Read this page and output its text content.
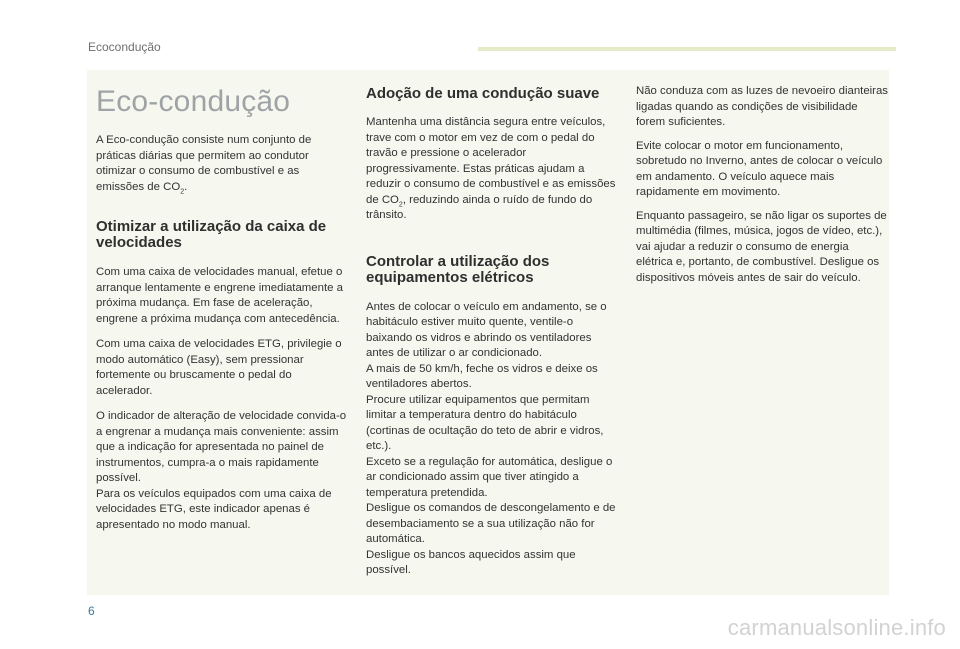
Ecocondução
Eco-condução

A Eco-condução consiste num conjunto de práticas diárias que permitem ao condutor otimizar o consumo de combustível e as emissões de $CO_2$.

Otimizar a utilização da caixa de velocidades

Com uma caixa de velocidades manual, efetue o arranque lentamente e engrene imediatamente a próxima mudança. Em fase de aceleração, engrene a próxima mudança com antecedência.

Com uma caixa de velocidades ETG, privilegie o modo automático (Easy), sem pressionar fortemente ou bruscamente o pedal do acelerador.

O indicador de alteração de velocidade convida-o a engrenar a mudança mais conveniente: assim que a indicação for apresentada no painel de instrumentos, cumpra-a o mais rapidamente possível.
Para os veículos equipados com uma caixa de velocidades ETG, este indicador apenas é apresentado no modo manual.

Adoção de uma condução suave

Mantenha uma distância segura entre veículos, trave com o motor em vez de com o pedal do travão e pressione o acelerador progressivamente. Estas práticas ajudam a reduzir o consumo de combustível e as emissões de $CO_2$, reduzindo ainda o ruído de fundo do trânsito.

Controlar a utilização dos equipamentos elétricos

Antes de colocar o veículo em andamento, se o habitáculo estiver muito quente, ventile-o baixando os vidros e abrindo os ventiladores antes de utilizar o ar condicionado.
A mais de 50 km/h, feche os vidros e deixe os ventiladores abertos.
Procure utilizar equipamentos que permitam limitar a temperatura dentro do habitáculo (cortinas de ocultação do teto de abrir e vidros, etc.).
Exceto se a regulação for automática, desligue o ar condicionado assim que tiver atingido a temperatura pretendida.
Desligue os comandos de descongelamento e de desembaciamento se a sua utilização não for automática.
Desligue os bancos aquecidos assim que possível.

Não conduza com as luzes de nevoeiro dianteiras ligadas quando as condições de visibilidade forem suficientes.

Evite colocar o motor em funcionamento, sobretudo no Inverno, antes de colocar o veículo em andamento. O veículo aquece mais rapidamente em movimento.

Enquanto passageiro, se não ligar os suportes de multimédia (filmes, música, jogos de vídeo, etc.), vai ajudar a reduzir o consumo de energia elétrica e, portanto, de combustível. Desligue os dispositivos móveis antes de sair do veículo.

6
carmanualsonline.info
